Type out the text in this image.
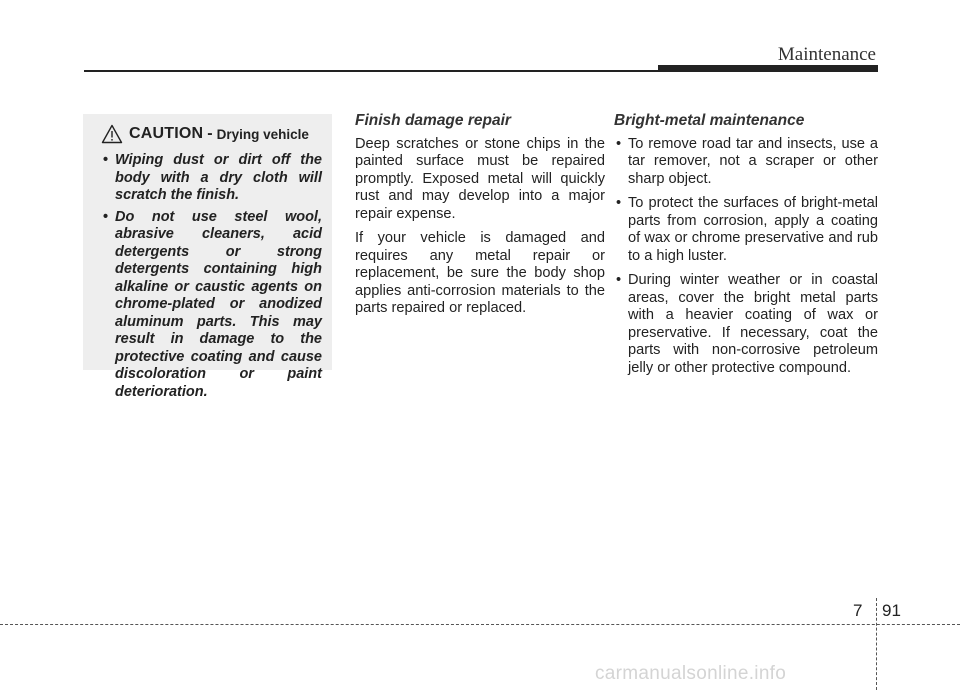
Maintenance
CAUTION - Drying vehicle
• Wiping dust or dirt off the body with a dry cloth will scratch the finish.
• Do not use steel wool, abrasive cleaners, acid detergents or strong detergents containing high alkaline or caustic agents on chrome-plated or anodized aluminum parts. This may result in damage to the protective coating and cause discoloration or paint deterioration.
Finish damage repair

Deep scratches or stone chips in the painted surface must be repaired promptly. Exposed metal will quickly rust and may develop into a major repair expense.

If your vehicle is damaged and requires any metal repair or replacement, be sure the body shop applies anti-corrosion materials to the parts repaired or replaced.

Bright-metal maintenance
• To remove road tar and insects, use a tar remover, not a scraper or other sharp object.
• To protect the surfaces of bright-metal parts from corrosion, apply a coating of wax or chrome preservative and rub to a high luster.
• During winter weather or in coastal areas, cover the bright metal parts with a heavier coating of wax or preservative. If necessary, coat the parts with non-corrosive petroleum jelly or other protective compound.
7 91
carmanualsonline.info
